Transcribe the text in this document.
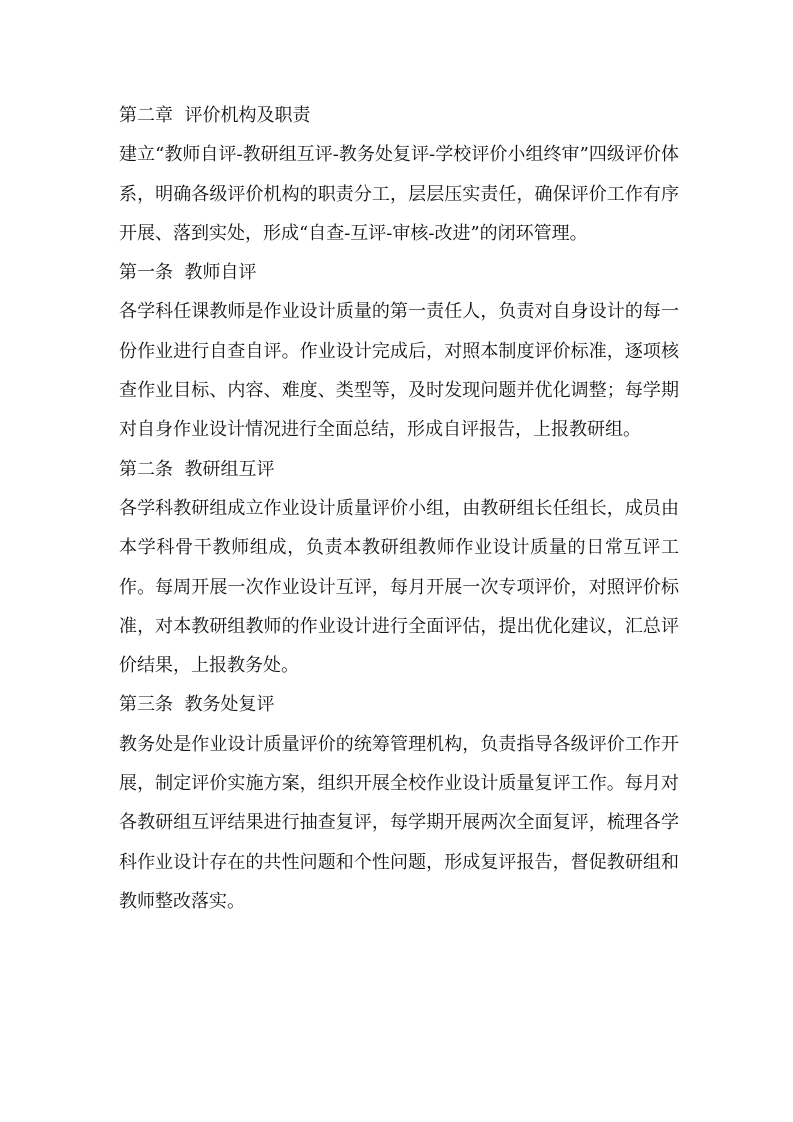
第二章  评价机构及职责
建立“教师自评-教研组互评-教务处复评-学校评价小组终审”四级评价体系，明确各级评价机构的职责分工，层层压实责任，确保评价工作有序开展、落到实处，形成“自查-互评-审核-改进”的闭环管理。
第一条  教师自评
各学科任课教师是作业设计质量的第一责任人，负责对自身设计的每一份作业进行自查自评。作业设计完成后，对照本制度评价标准，逐项核查作业目标、内容、难度、类型等，及时发现问题并优化调整；每学期对自身作业设计情况进行全面总结，形成自评报告，上报教研组。
第二条  教研组互评
各学科教研组成立作业设计质量评价小组，由教研组长任组长，成员由本学科骨干教师组成，负责本教研组教师作业设计质量的日常互评工作。每周开展一次作业设计互评，每月开展一次专项评价，对照评价标准，对本教研组教师的作业设计进行全面评估，提出优化建议，汇总评价结果，上报教务处。
第三条  教务处复评
教务处是作业设计质量评价的统筹管理机构，负责指导各级评价工作开展，制定评价实施方案，组织开展全校作业设计质量复评工作。每月对各教研组互评结果进行抽查复评，每学期开展两次全面复评，梳理各学科作业设计存在的共性问题和个性问题，形成复评报告，督促教研组和教师整改落实。
